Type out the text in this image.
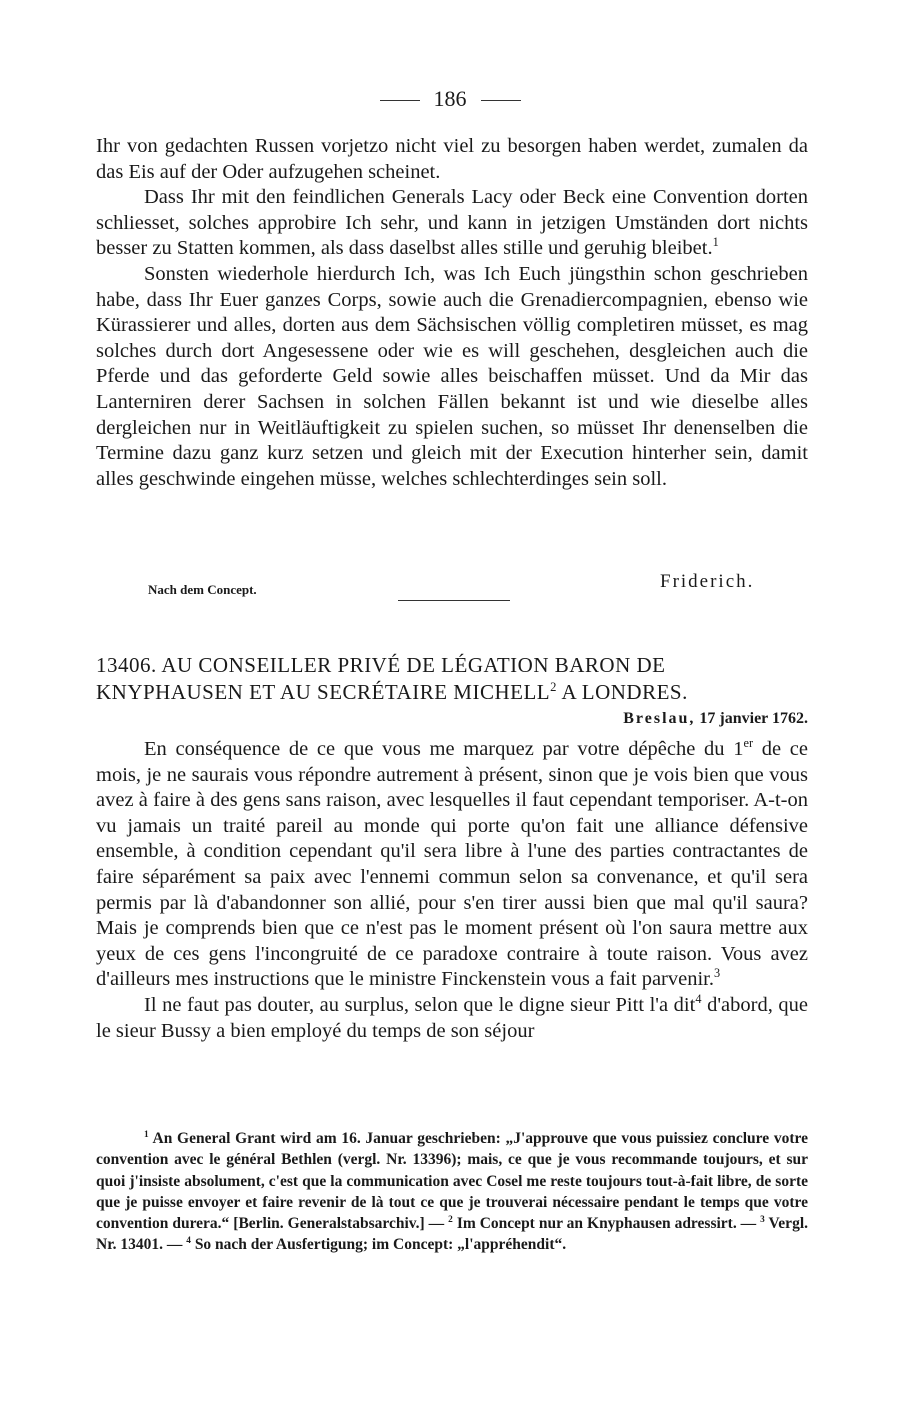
186

Ihr von gedachten Russen vorjetzo nicht viel zu besorgen haben werdet, zumalen da das Eis auf der Oder aufzugehen scheinet.

Dass Ihr mit den feindlichen Generals Lacy oder Beck eine Convention dorten schliesset, solches approbire Ich sehr, und kann in jetzigen Umständen dort nichts besser zu Statten kommen, als dass daselbst alles stille und geruhig bleibet.$^1$

Sonsten wiederhole hierdurch Ich, was Ich Euch jüngsthin schon geschrieben habe, dass Ihr Euer ganzes Corps, sowie auch die Grenadiercompagnien, ebenso wie Kürassierer und alles, dorten aus dem Sächsischen völlig completiren müsset, es mag solches durch dort Angesessene oder wie es will geschehen, desgleichen auch die Pferde und das geforderte Geld sowie alles beischaffen müsset. Und da Mir das Lanterniren derer Sachsen in solchen Fällen bekannt ist und wie dieselbe alles dergleichen nur in Weitläuftigkeit zu spielen suchen, so müsset Ihr denenselben die Termine dazu ganz kurz setzen und gleich mit der Execution hinterher sein, damit alles geschwinde eingehen müsse, welches schlechterdinges sein soll.

Nach dem Concept.	Friderich.
13406. AU CONSEILLER PRIVÉ DE LÉGATION BARON DE
KNYPHAUSEN ET AU SECRÉTAIRE MICHELL$^2$ A LONDRES.
Breslau, 17 janvier 1762.

En conséquence de ce que vous me marquez par votre dépêche du 1er de ce mois, je ne saurais vous répondre autrement à présent, sinon que je vois bien que vous avez à faire à des gens sans raison, avec lesquelles il faut cependant temporiser. A-t-on vu jamais un traité pareil au monde qui porte qu'on fait une alliance défensive ensemble, à condition cependant qu'il sera libre à l'une des parties contractantes de faire séparément sa paix avec l'ennemi commun selon sa convenance, et qu'il sera permis par là d'abandonner son allié, pour s'en tirer aussi bien que mal qu'il saura? Mais je comprends bien que ce n'est pas le moment présent où l'on saura mettre aux yeux de ces gens l'incongruité de ce paradoxe contraire à toute raison. Vous avez d'ailleurs mes instructions que le ministre Finckenstein vous a fait parvenir.$^3$

Il ne faut pas douter, au surplus, selon que le digne sieur Pitt l'a dit$^4$ d'abord, que le sieur Bussy a bien employé du temps de son séjour

$^1$ An General Grant wird am 16. Januar geschrieben: „J'approuve que vous puissiez conclure votre convention avec le général Bethlen (vergl. Nr. 13396); mais, ce que je vous recommande toujours, et sur quoi j'insiste absolument, c'est que la communication avec Cosel me reste toujours tout-à-fait libre, de sorte que je puisse envoyer et faire revenir de là tout ce que je trouverai nécessaire pendant le temps que votre convention durera.“ [Berlin. Generalstabsarchiv.] — $^2$ Im Concept nur an Knyphausen adressirt. — $^3$ Vergl. Nr. 13401. — $^4$ So nach der Ausfertigung; im Concept: „l'appréhendit“.
